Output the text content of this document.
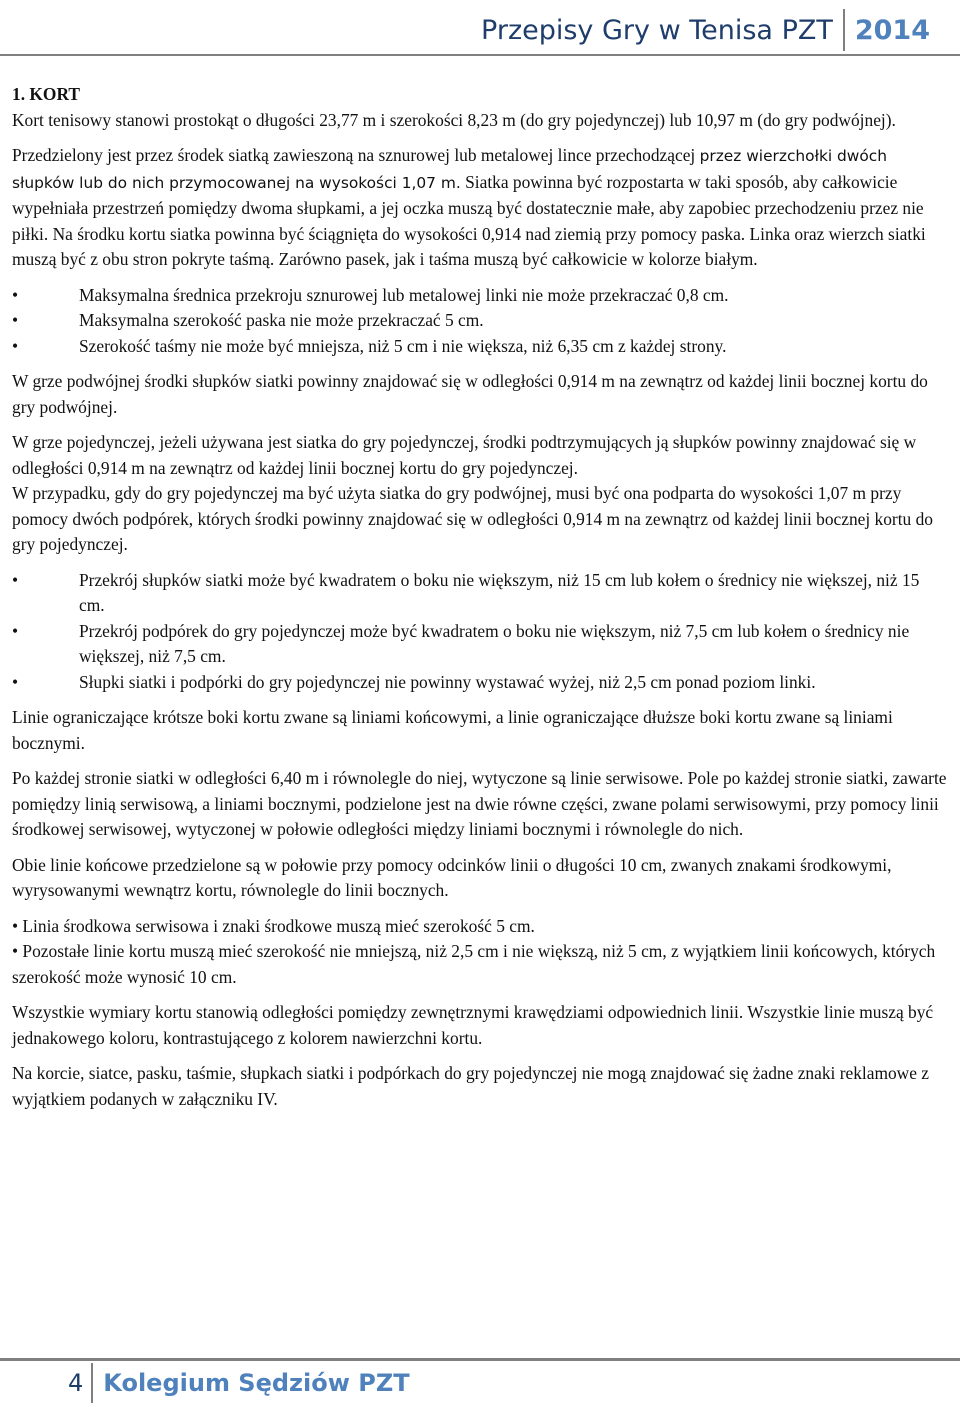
Przepisy Gry w Tenisa PZT 2014

1. KORT

Kort tenisowy stanowi prostokąt o długości 23,77 m i szerokości 8,23 m (do gry pojedynczej) lub 10,97 m (do gry podwójnej).

Przedzielony jest przez środek siatką zawieszoną na sznurowej lub metalowej lince przechodzącej przez wierzchołki dwóch słupków lub do nich przymocowanej na wysokości 1,07 m. Siatka powinna być rozpostarta w taki sposób, aby całkowicie wypełniała przestrzeń pomiędzy dwoma słupkami, a jej oczka muszą być dostatecznie małe, aby zapobiec przechodzeniu przez nie piłki. Na środku kortu siatka powinna być ściągnięta do wysokości 0,914 nad ziemią przy pomocy paska. Linka oraz wierzch siatki muszą być z obu stron pokryte taśmą. Zarówno pasek, jak i taśma muszą być całkowicie w kolorze białym.

•	Maksymalna średnica przekroju sznurowej lub metalowej linki nie może przekraczać 0,8 cm.
•	Maksymalna szerokość paska nie może przekraczać 5 cm.
•	Szerokość taśmy nie może być mniejsza, niż 5 cm i nie większa, niż 6,35 cm z każdej strony.

W grze podwójnej środki słupków siatki powinny znajdować się w odległości 0,914 m na zewnątrz od każdej linii bocznej kortu do gry podwójnej.

W grze pojedynczej, jeżeli używana jest siatka do gry pojedynczej, środki podtrzymujących ją słupków powinny znajdować się w odległości 0,914 m na zewnątrz od każdej linii bocznej kortu do gry pojedynczej.

W przypadku, gdy do gry pojedynczej ma być użyta siatka do gry podwójnej, musi być ona podparta do wysokości 1,07 m przy pomocy dwóch podpórek, których środki powinny znajdować się w odległości 0,914 m na zewnątrz od każdej linii bocznej kortu do gry pojedynczej.

•	Przekrój słupków siatki może być kwadratem o boku nie większym, niż 15 cm lub kołem o średnicy nie większej, niż 15 cm.
•	Przekrój podpórek do gry pojedynczej może być kwadratem o boku nie większym, niż 7,5 cm lub kołem o średnicy nie większej, niż 7,5 cm.
•	Słupki siatki i podpórki do gry pojedynczej nie powinny wystawać wyżej, niż 2,5 cm ponad poziom linki.

Linie ograniczające krótsze boki kortu zwane są liniami końcowymi, a linie ograniczające dłuższe boki kortu zwane są liniami bocznymi.

Po każdej stronie siatki w odległości 6,40 m i równolegle do niej, wytyczone są linie serwisowe. Pole po każdej stronie siatki, zawarte pomiędzy linią serwisową, a liniami bocznymi, podzielone jest na dwie równe części, zwane polami serwisowymi, przy pomocy linii środkowej serwisowej, wytyczonej w połowie odległości między liniami bocznymi i równolegle do nich.

Obie linie końcowe przedzielone są w połowie przy pomocy odcinków linii o długości 10 cm, zwanych znakami środkowymi, wyrysowanymi wewnątrz kortu, równolegle do linii bocznych.

• Linia środkowa serwisowa i znaki środkowe muszą mieć szerokość 5 cm.

• Pozostałe linie kortu muszą mieć szerokość nie mniejszą, niż 2,5 cm i nie większą, niż 5 cm, z wyjątkiem linii końcowych, których szerokość może wynosić 10 cm.

Wszystkie wymiary kortu stanowią odległości pomiędzy zewnętrznymi krawędziami odpowiednich linii. Wszystkie linie muszą być jednakowego koloru, kontrastującego z kolorem nawierzchni kortu.

Na korcie, siatce, pasku, taśmie, słupkach siatki i podpórkach do gry pojedynczej nie mogą znajdować się żadne znaki reklamowe z wyjątkiem podanych w załączniku IV.

4 Kolegium Sędziów PZT
